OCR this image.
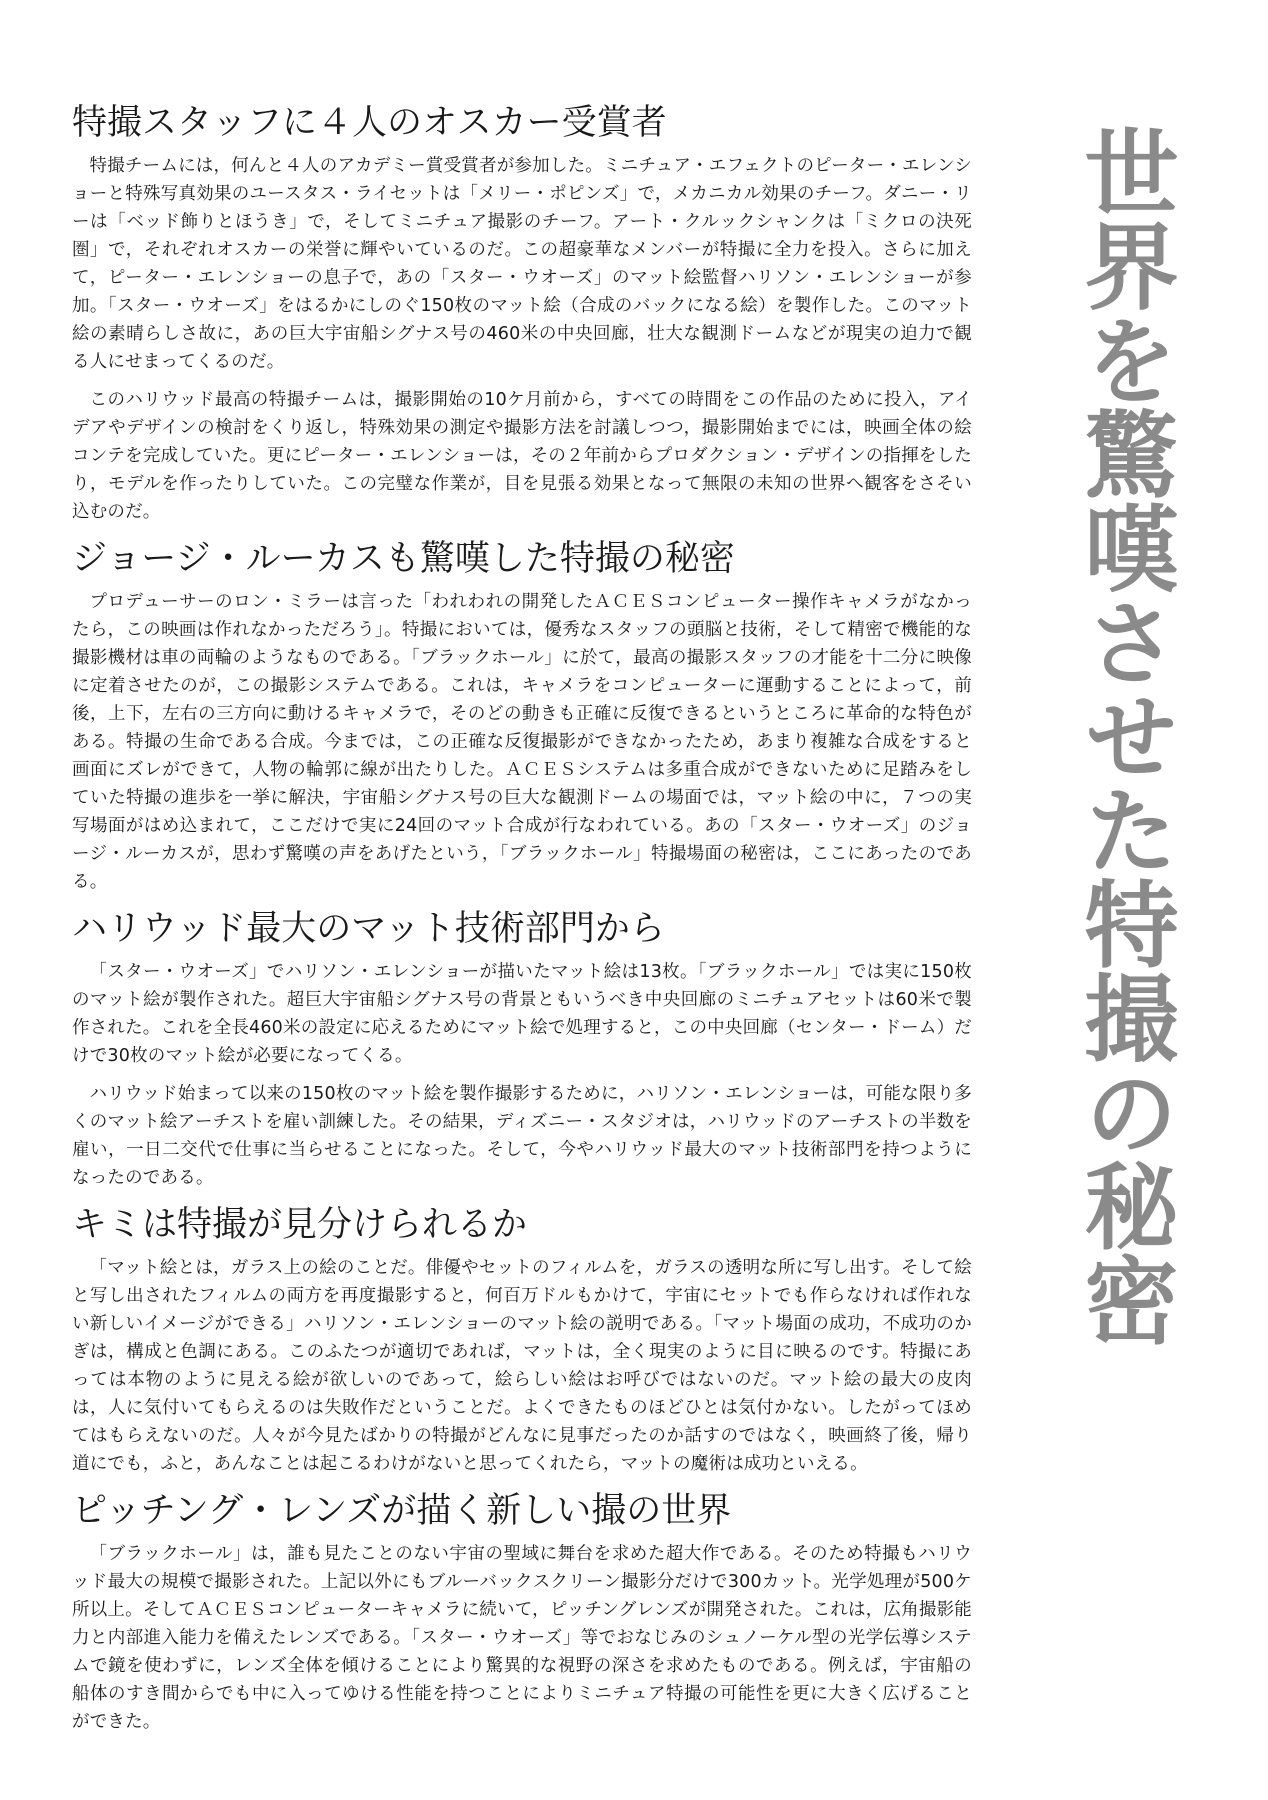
特撮スタッフに４人のオスカー受賞者

特撮チームには，何んと４人のアカデミー賞受賞者が参加した。ミニチュア・エフェクトのピーター・エレンショーと特殊写真効果のユースタス・ライセットは「メリー・ポピンズ」で，メカニカル効果のチーフ。ダニー・リーは「ベッド飾りとほうき」で，そしてミニチュア撮影のチーフ。アート・クルックシャンクは「ミクロの決死圏」で，それぞれオスカーの栄誉に輝やいているのだ。この超豪華なメンバーが特撮に全力を投入。さらに加えて，ピーター・エレンショーの息子で，あの「スター・ウオーズ」のマット絵監督ハリソン・エレンショーが参加。「スター・ウオーズ」をはるかにしのぐ150枚のマット絵（合成のバックになる絵）を製作した。このマット絵の素晴らしさ故に，あの巨大宇宙船シグナス号の460米の中央回廊，壮大な観測ドームなどが現実の迫力で観る人にせまってくるのだ。

このハリウッド最高の特撮チームは，撮影開始の10ケ月前から，すべての時間をこの作品のために投入，アイデアやデザインの検討をくり返し，特殊効果の測定や撮影方法を討議しつつ，撮影開始までには，映画全体の絵コンテを完成していた。更にピーター・エレンショーは，その２年前からプロダクション・デザインの指揮をしたり，モデルを作ったりしていた。この完璧な作業が，目を見張る効果となって無限の未知の世界へ観客をさそい込むのだ。

ジョージ・ルーカスも驚嘆した特撮の秘密

プロデューサーのロン・ミラーは言った「われわれの開発したＡＣＥＳコンピューター操作キャメラがなかったら，この映画は作れなかっただろう」。特撮においては，優秀なスタッフの頭脳と技術，そして精密で機能的な撮影機材は車の両輪のようなものである。「ブラックホール」に於て，最高の撮影スタッフの才能を十二分に映像に定着させたのが，この撮影システムである。これは，キャメラをコンピューターに運動することによって，前後，上下，左右の三方向に動けるキャメラで，そのどの動きも正確に反復できるというところに革命的な特色がある。特撮の生命である合成。今までは，この正確な反復撮影ができなかったため，あまり複雑な合成をすると画面にズレができて，人物の輪郭に線が出たりした。ＡＣＥＳシステムは多重合成ができないために足踏みをしていた特撮の進歩を一挙に解決，宇宙船シグナス号の巨大な観測ドームの場面では，マット絵の中に，７つの実写場面がはめ込まれて，ここだけで実に24回のマット合成が行なわれている。あの「スター・ウオーズ」のジョージ・ルーカスが，思わず驚嘆の声をあげたという，「ブラックホール」特撮場面の秘密は，ここにあったのである。

ハリウッド最大のマット技術部門から

「スター・ウオーズ」でハリソン・エレンショーが描いたマット絵は13枚。「ブラックホール」では実に150枚のマット絵が製作された。超巨大宇宙船シグナス号の背景ともいうべき中央回廊のミニチュアセットは60米で製作された。これを全長460米の設定に応えるためにマット絵で処理すると，この中央回廊（センター・ドーム）だけで30枚のマット絵が必要になってくる。

ハリウッド始まって以来の150枚のマット絵を製作撮影するために，ハリソン・エレンショーは，可能な限り多くのマット絵アーチストを雇い訓練した。その結果，ディズニー・スタジオは，ハリウッドのアーチストの半数を雇い，一日二交代で仕事に当らせることになった。そして，今やハリウッド最大のマット技術部門を持つようになったのである。

キミは特撮が見分けられるか

「マット絵とは，ガラス上の絵のことだ。俳優やセットのフィルムを，ガラスの透明な所に写し出す。そして絵と写し出されたフィルムの両方を再度撮影すると，何百万ドルもかけて，宇宙にセットでも作らなければ作れない新しいイメージができる」ハリソン・エレンショーのマット絵の説明である。「マット場面の成功，不成功のかぎは，構成と色調にある。このふたつが適切であれば，マットは，全く現実のように目に映るのです。特撮にあっては本物のように見える絵が欲しいのであって，絵らしい絵はお呼びではないのだ。マット絵の最大の皮肉は，人に気付いてもらえるのは失敗作だということだ。よくできたものほどひとは気付かない。したがってほめてはもらえないのだ。人々が今見たばかりの特撮がどんなに見事だったのか話すのではなく，映画終了後，帰り道にでも，ふと，あんなことは起こるわけがないと思ってくれたら，マットの魔術は成功といえる。

ピッチング・レンズが描く新しい撮の世界

「ブラックホール」は，誰も見たことのない宇宙の聖域に舞台を求めた超大作である。そのため特撮もハリウッド最大の規模で撮影された。上記以外にもブルーバックスクリーン撮影分だけで300カット。光学処理が500ケ所以上。そしてＡＣＥＳコンピューターキャメラに続いて，ピッチングレンズが開発された。これは，広角撮影能力と内部進入能力を備えたレンズである。「スター・ウオーズ」等でおなじみのシュノーケル型の光学伝導システムで鏡を使わずに，レンズ全体を傾けることにより驚異的な視野の深さを求めたものである。例えば，宇宙船の船体のすき間からでも中に入ってゆける性能を持つことによりミニチュア特撮の可能性を更に大きく広げることができた。

世界を驚嘆させた特撮の秘密
